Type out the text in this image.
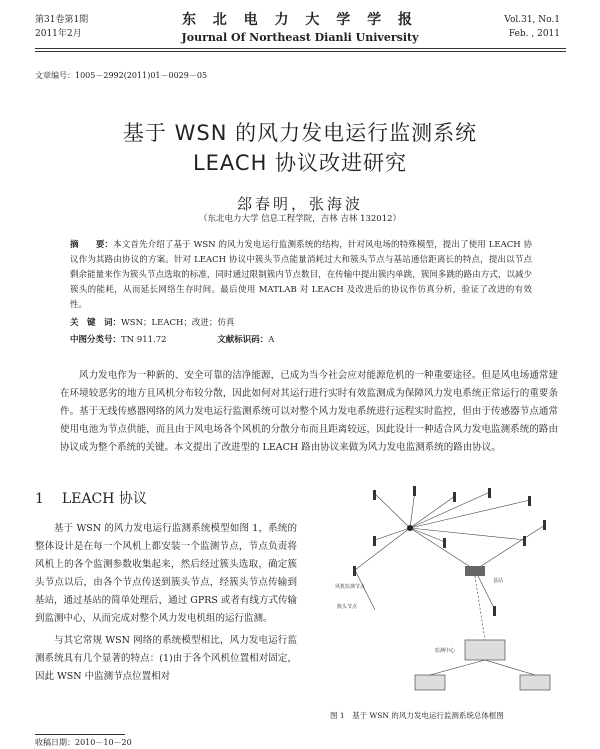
第31卷第1期
2011年2月
东 北 电 力 大 学 学 报
Journal Of Northeast Dianli University
Vol.31, No.1
Feb. , 2011
文章编号：1005－2992(2011)01－0029－05
基于 WSN 的风力发电运行监测系统
LEACH 协议改进研究
郐春明，张海波
（东北电力大学 信息工程学院，吉林 吉林 132012）
摘　　要：本文首先介绍了基于 WSN 的风力发电运行监测系统的结构，针对风电场的特殊模型，提出了使用 LEACH 协议作为其路由协议的方案。针对 LEACH 协议中簇头节点能量消耗过大和簇头节点与基站通信距离长的特点，提出以节点剩余能量来作为簇头节点选取的标准，同时通过限制簇内节点数目，在传输中提出簇内单跳，簇间多跳的路由方式，以减少簇头的能耗，从而延长网络生存时间。最后使用 MATLAB 对 LEACH 及改进后的协议作仿真分析，验证了改进的有效性。
关　键　词：WSN；LEACH；改进；仿真
中图分类号：TN 911.72	文献标识码：A
风力发电作为一种新的、安全可靠的洁净能源，已成为当今社会应对能源危机的一种重要途径。但是风电场通常建在环境较恶劣的地方且风机分布较分散，因此如何对其运行进行实时有效监测成为保障风力发电系统正常运行的重要条件。基于无线传感器网络的风力发电运行监测系统可以对整个风力发电系统进行远程实时监控，但由于传感器节点通常使用电池为节点供能，而且由于风电场各个风机的分散分布而且距离较远，因此设计一种适合风力发电监测系统的路由协议成为整个系统的关键。本文提出了改进型的 LEACH 路由协议来做为风力发电监测系统的路由协议。
1 LEACH 协议

基于 WSN 的风力发电运行监测系统模型如图 1，系统的整体设计是在每一个风机上都安装一个监测节点，节点负责将风机上的各个监测参数收集起来，然后经过簇头选取，确定簇头节点以后，由各个节点传送到簇头节点，经簇头节点传输到基站，通过基站的简单处理后，通过 GPRS 或者有线方式传输到监测中心，从而完成对整个风力发电机组的运行监测。

与其它常规 WSN 网络的系统模型相比，风力发电运行监测系统具有几个显著的特点：(1)由于各个风机位置相对固定，因此 WSN 中监测节点位置相对

风机监测节点
簇头节点
基站
监测中心
图 1　基于 WSN 的风力发电运行监测系统总体框图
收稿日期：2010－10－20
